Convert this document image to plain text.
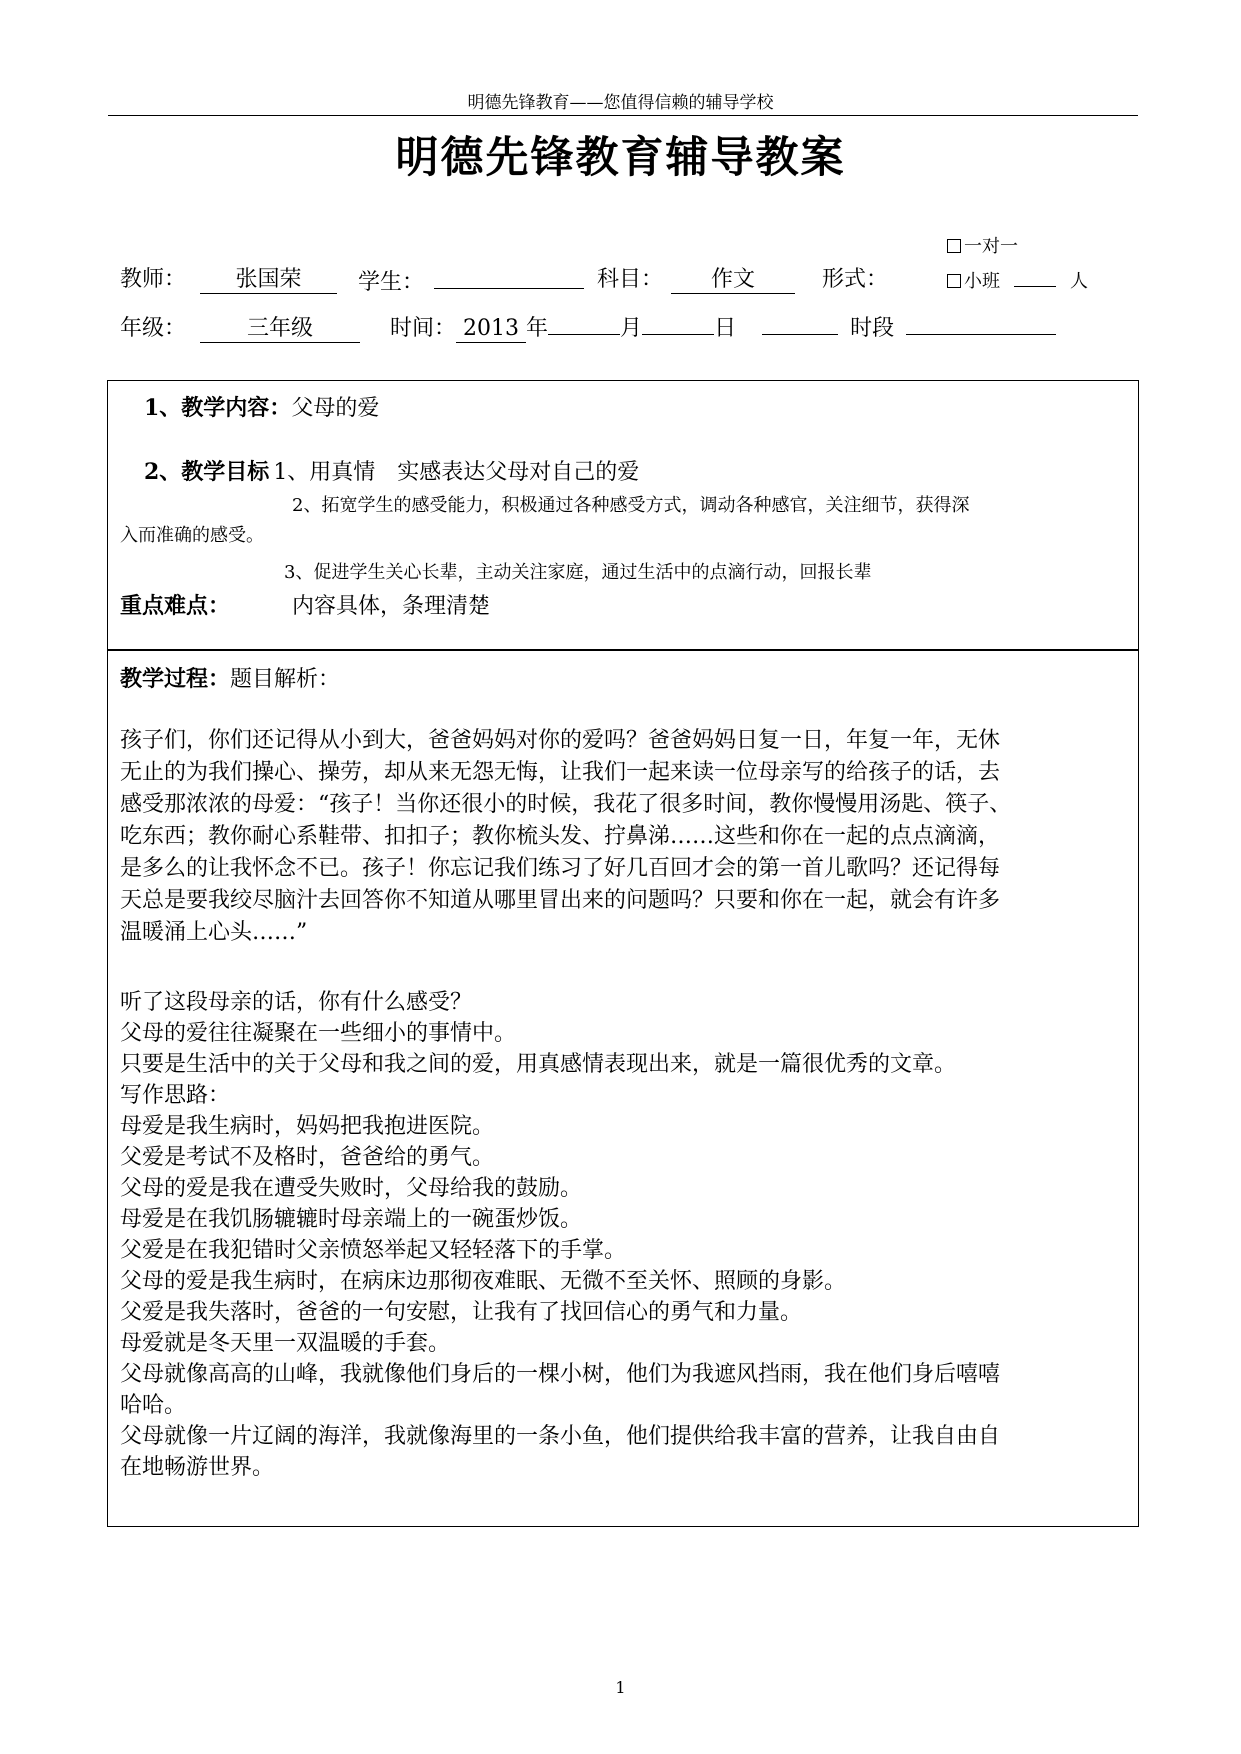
明德先锋教育——您值得信赖的辅导学校
明德先锋教育辅导教案
一对一
教师： 张国荣	学生：	科目： 作文	形式：	小班	人
年级：	三年级	时间： 2013 年	月	日	时段
1、教学内容：父母的爱
2、教学目标 1、用真情　实感表达父母对自己的爱
2、拓宽学生的感受能力，积极通过各种感受方式，调动各种感官，关注细节，获得深
入而准确的感受。
3、促进学生关心长辈，主动关注家庭，通过生活中的点滴行动，回报长辈
重点难点：	内容具体，条理清楚
教学过程：题目解析：
孩子们，你们还记得从小到大，爸爸妈妈对你的爱吗？爸爸妈妈日复一日，年复一年，无休
无止的为我们操心、操劳，却从来无怨无悔，让我们一起来读一位母亲写的给孩子的话，去
感受那浓浓的母爱：“孩子！当你还很小的时候，我花了很多时间，教你慢慢用汤匙、筷子、
吃东西；教你耐心系鞋带、扣扣子；教你梳头发、拧鼻涕……这些和你在一起的点点滴滴，
是多么的让我怀念不已。孩子！你忘记我们练习了好几百回才会的第一首儿歌吗？还记得每
天总是要我绞尽脑汁去回答你不知道从哪里冒出来的问题吗？只要和你在一起，就会有许多
温暖涌上心头……”
听了这段母亲的话，你有什么感受？
父母的爱往往凝聚在一些细小的事情中。
只要是生活中的关于父母和我之间的爱，用真感情表现出来，就是一篇很优秀的文章。
写作思路：
母爱是我生病时，妈妈把我抱进医院。
父爱是考试不及格时，爸爸给的勇气。
父母的爱是我在遭受失败时，父母给我的鼓励。
母爱是在我饥肠辘辘时母亲端上的一碗蛋炒饭。
父爱是在我犯错时父亲愤怒举起又轻轻落下的手掌。
父母的爱是我生病时，在病床边那彻夜难眠、无微不至关怀、照顾的身影。
父爱是我失落时，爸爸的一句安慰，让我有了找回信心的勇气和力量。
母爱就是冬天里一双温暖的手套。
父母就像高高的山峰，我就像他们身后的一棵小树，他们为我遮风挡雨，我在他们身后嘻嘻
哈哈。
父母就像一片辽阔的海洋，我就像海里的一条小鱼，他们提供给我丰富的营养，让我自由自
在地畅游世界。
1
